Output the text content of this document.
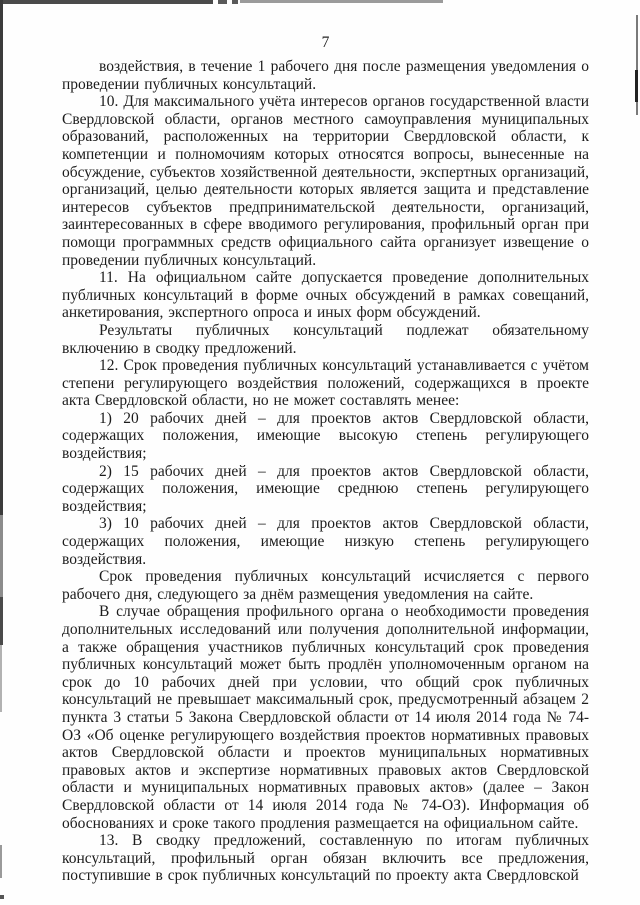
7

воздействия, в течение 1 рабочего дня после размещения уведомления о проведении публичных консультаций.

10. Для максимального учёта интересов органов государственной власти Свердловской области, органов местного самоуправления муниципальных образований, расположенных на территории Свердловской области, к компетенции и полномочиям которых относятся вопросы, вынесенные на обсуждение, субъектов хозяйственной деятельности, экспертных организаций, организаций, целью деятельности которых является защита и представление интересов субъектов предпринимательской деятельности, организаций, заинтересованных в сфере вводимого регулирования, профильный орган при помощи программных средств официального сайта организует извещение о проведении публичных консультаций.

11. На официальном сайте допускается проведение дополнительных публичных консультаций в форме очных обсуждений в рамках совещаний, анкетирования, экспертного опроса и иных форм обсуждений.

Результаты публичных консультаций подлежат обязательному включению в сводку предложений.

12. Срок проведения публичных консультаций устанавливается с учётом степени регулирующего воздействия положений, содержащихся в проекте акта Свердловской области, но не может составлять менее:

1) 20 рабочих дней – для проектов актов Свердловской области, содержащих положения, имеющие высокую степень регулирующего воздействия;

2) 15 рабочих дней – для проектов актов Свердловской области, содержащих положения, имеющие среднюю степень регулирующего воздействия;

3) 10 рабочих дней – для проектов актов Свердловской области, содержащих положения, имеющие низкую степень регулирующего воздействия.

Срок проведения публичных консультаций исчисляется с первого рабочего дня, следующего за днём размещения уведомления на сайте.

В случае обращения профильного органа о необходимости проведения дополнительных исследований или получения дополнительной информации, а также обращения участников публичных консультаций срок проведения публичных консультаций может быть продлён уполномоченным органом на срок до 10 рабочих дней при условии, что общий срок публичных консультаций не превышает максимальный срок, предусмотренный абзацем 2 пункта 3 статьи 5 Закона Свердловской области от 14 июля 2014 года № 74-ОЗ «Об оценке регулирующего воздействия проектов нормативных правовых актов Свердловской области и проектов муниципальных нормативных правовых актов и экспертизе нормативных правовых актов Свердловской области и муниципальных нормативных правовых актов» (далее – Закон Свердловской области от 14 июля 2014 года № 74-ОЗ). Информация об обоснованиях и сроке такого продления размещается на официальном сайте.

13. В сводку предложений, составленную по итогам публичных консультаций, профильный орган обязан включить все предложения, поступившие в срок публичных консультаций по проекту акта Свердловской
